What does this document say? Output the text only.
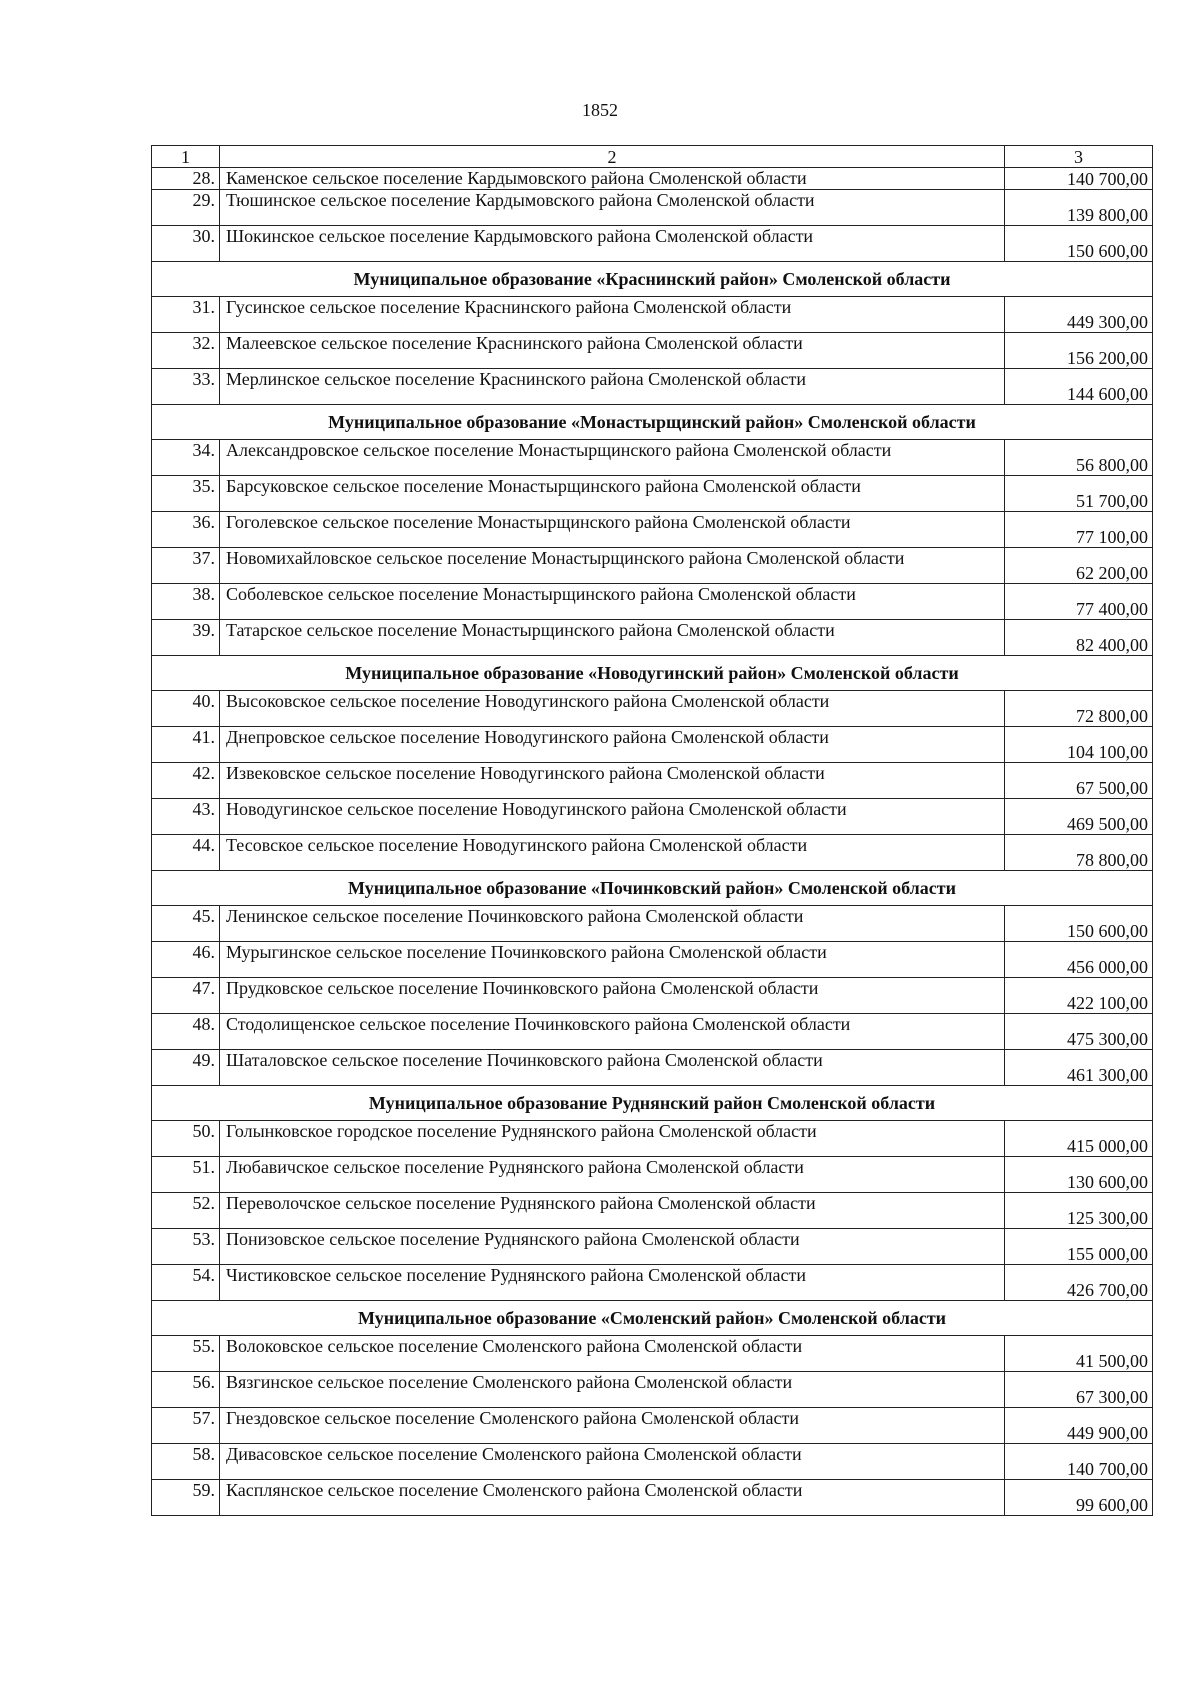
1852
1	2	3
28.	Каменское сельское поселение Кардымовского района Смоленской области	140 700,00
29.	Тюшинское сельское поселение Кардымовского района Смоленской области	139 800,00
30.	Шокинское сельское поселение Кардымовского района Смоленской области	150 600,00
Муниципальное образование «Краснинский район» Смоленской области		
31.	Гусинское сельское поселение Краснинского района Смоленской области	449 300,00
32.	Малеевское сельское поселение Краснинского района Смоленской области	156 200,00
33.	Мерлинское сельское поселение Краснинского района Смоленской области	144 600,00
Муниципальное образование «Монастырщинский район» Смоленской области		
34.	Александровское сельское поселение Монастырщинского района Смоленской области	56 800,00
35.	Барсуковское сельское поселение Монастырщинского района Смоленской области	51 700,00
36.	Гоголевское сельское поселение Монастырщинского района Смоленской области	77 100,00
37.	Новомихайловское сельское поселение Монастырщинского района Смоленской области	62 200,00
38.	Соболевское сельское поселение Монастырщинского района Смоленской области	77 400,00
39.	Татарское сельское поселение Монастырщинского района Смоленской области	82 400,00
Муниципальное образование «Новодугинский район» Смоленской области		
40.	Высоковское сельское поселение Новодугинского района Смоленской области	72 800,00
41.	Днепровское сельское поселение Новодугинского района Смоленской области	104 100,00
42.	Извековское сельское поселение Новодугинского района Смоленской области	67 500,00
43.	Новодугинское сельское поселение Новодугинского района Смоленской области	469 500,00
44.	Тесовское сельское поселение Новодугинского района Смоленской области	78 800,00
Муниципальное образование «Починковский район» Смоленской области		
45.	Ленинское сельское поселение Починковского района Смоленской области	150 600,00
46.	Мурыгинское сельское поселение Починковского района Смоленской области	456 000,00
47.	Прудковское сельское поселение Починковского района Смоленской области	422 100,00
48.	Стодолищенское сельское поселение Починковского района Смоленской области	475 300,00
49.	Шаталовское сельское поселение Починковского района Смоленской области	461 300,00
Муниципальное образование Руднянский район Смоленской области		
50.	Голынковское городское поселение Руднянского района Смоленской области	415 000,00
51.	Любавичское сельское поселение Руднянского района Смоленской области	130 600,00
52.	Переволочское сельское поселение Руднянского района Смоленской области	125 300,00
53.	Понизовское сельское поселение Руднянского района Смоленской области	155 000,00
54.	Чистиковское сельское поселение Руднянского района Смоленской области	426 700,00
Муниципальное образование «Смоленский район» Смоленской области		
55.	Волоковское сельское поселение Смоленского района Смоленской области	41 500,00
56.	Вязгинское сельское поселение Смоленского района Смоленской области	67 300,00
57.	Гнездовское сельское поселение Смоленского района Смоленской области	449 900,00
58.	Дивасовское сельское поселение Смоленского района Смоленской области	140 700,00
59.	Касплянское сельское поселение Смоленского района Смоленской области	99 600,00
